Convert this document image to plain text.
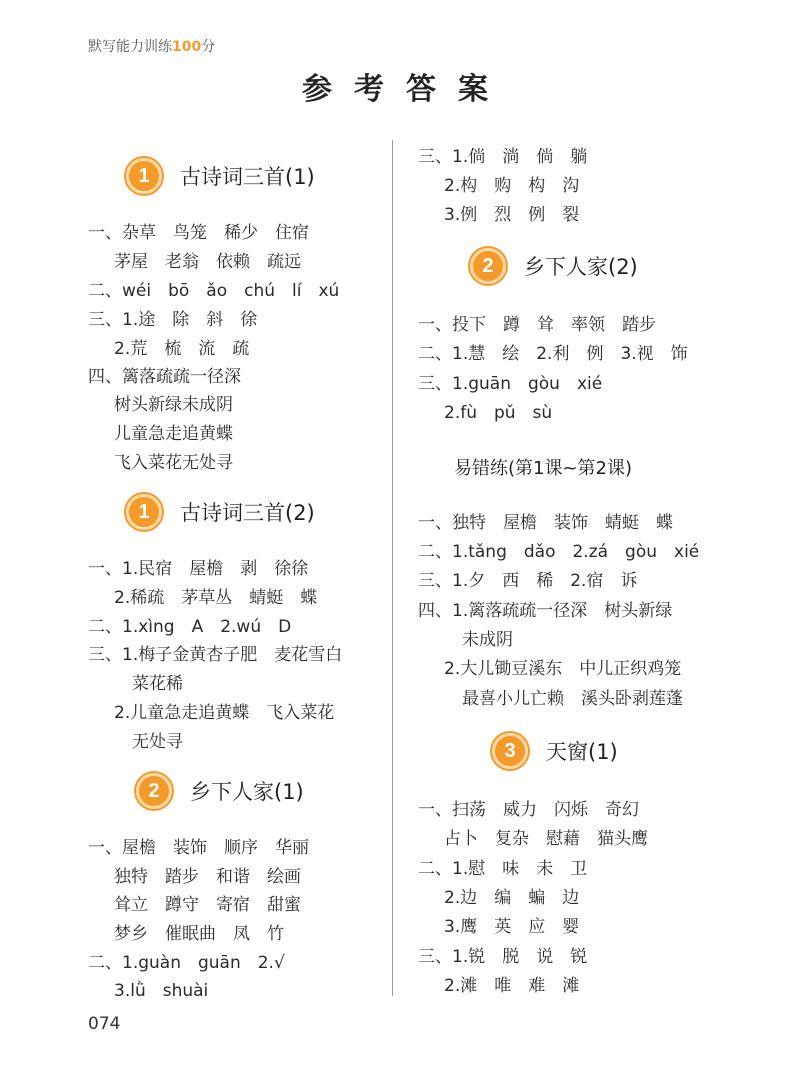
默写能力训练100分
参考答案
1	古诗词三首(1)
一、杂草　鸟笼　稀少　住宿
茅屋　老翁　依赖　疏远
二、wéi　bō　ǎo　chú　lí　xú
三、1.途　除　斜　徐
2.荒　梳　流　疏
四、篱落疏疏一径深
树头新绿未成阴
儿童急走追黄蝶
飞入菜花无处寻
1	古诗词三首(2)
一、1.民宿　屋檐　剥　徐徐
2.稀疏　茅草丛　蜻蜓　蝶
二、1.xìng　A　2.wú　D
三、1.梅子金黄杏子肥　麦花雪白
菜花稀
2.儿童急走追黄蝶　飞入菜花
无处寻
2	乡下人家(1)
一、屋檐　装饰　顺序　华丽
独特　踏步　和谐　绘画
耸立　蹲守　寄宿　甜蜜
梦乡　催眠曲　凤　竹
二、1.guàn　guān　2.√
3.lǜ　shuài
三、1.倘　淌　倘　躺
2.构　购　构　沟
3.例　烈　例　裂
2	乡下人家(2)
一、投下　蹲　耸　率领　踏步
二、1.慧　绘　2.利　例　3.视　饰
三、1.guān　gòu　xié
2.fù　pǔ　sù
易错练(第1课~第2课)
一、独特　屋檐　装饰　蜻蜓　蝶
二、1.tǎng　dǎo　2.zá　gòu　xié
三、1.夕　西　稀　2.宿　诉
四、1.篱落疏疏一径深　树头新绿
未成阴
2.大儿锄豆溪东　中儿正织鸡笼
最喜小儿亡赖　溪头卧剥莲蓬
3	天窗(1)
一、扫荡　威力　闪烁　奇幻
占卜　复杂　慰藉　猫头鹰
二、1.慰　味　未　卫
2.边　编　蝙　边
3.鹰　英　应　婴
三、1.锐　脱　说　锐
2.滩　唯　难　滩
074
